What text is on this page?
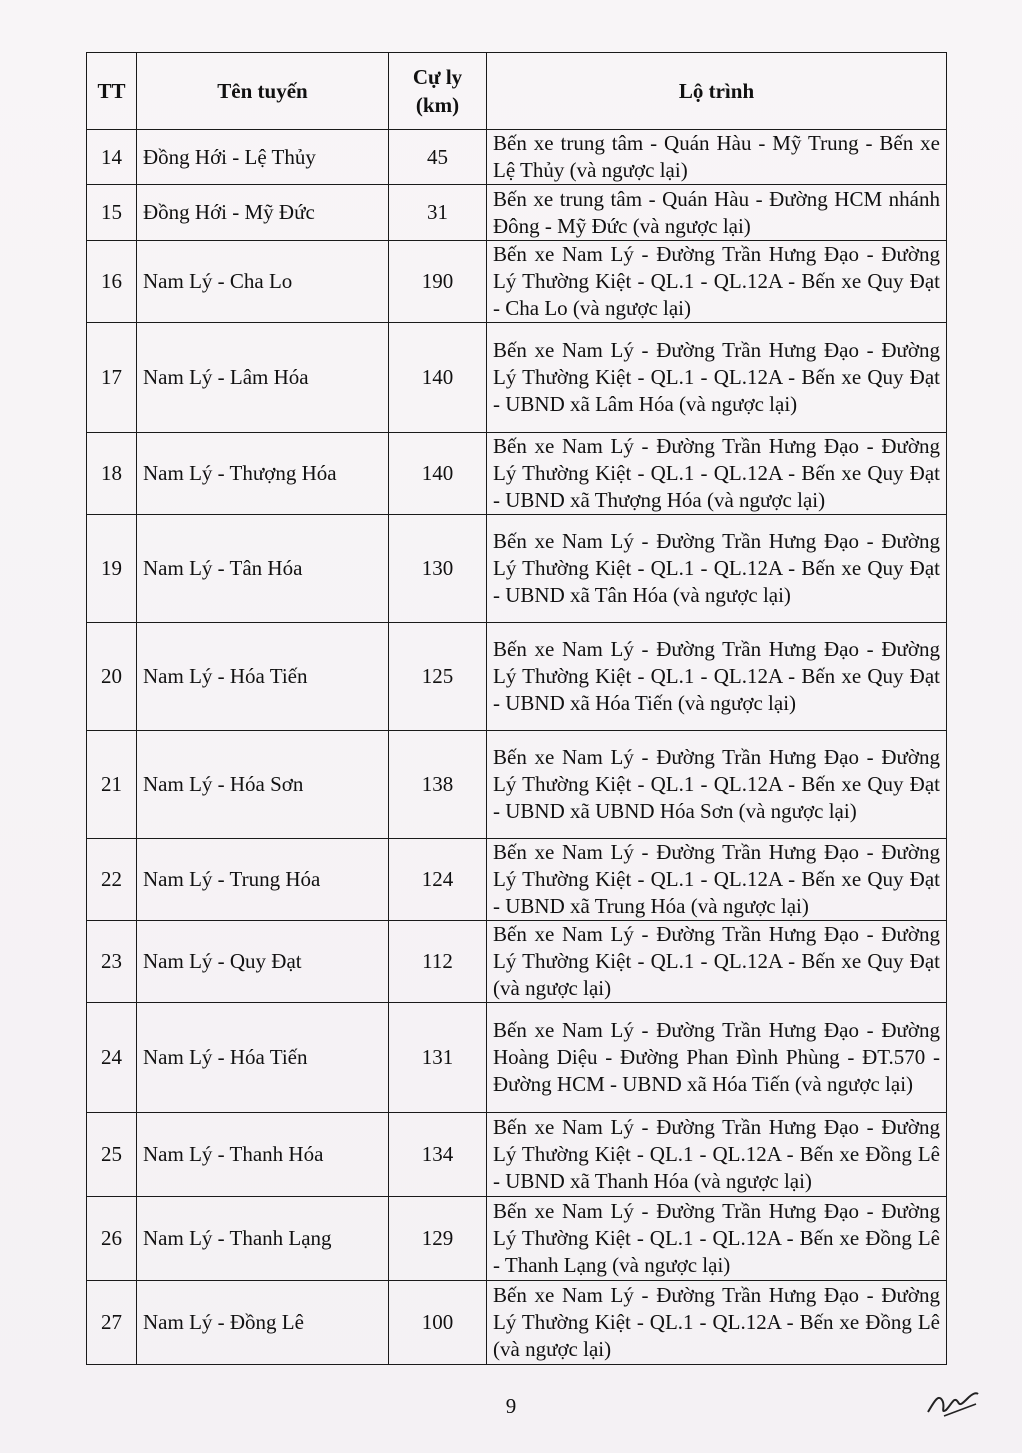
TT	Tên tuyến	Cự ly (km)	Lộ trình
14	Đồng Hới - Lệ Thủy	45	Bến xe trung tâm - Quán Hàu - Mỹ Trung - Bến xe Lệ Thủy (và ngược lại)
15	Đồng Hới - Mỹ Đức	31	Bến xe trung tâm - Quán Hàu - Đường HCM nhánh Đông - Mỹ Đức (và ngược lại)
16	Nam Lý - Cha Lo	190	Bến xe Nam Lý - Đường Trần Hưng Đạo - Đường Lý Thường Kiệt - QL.1 - QL.12A - Bến xe Quy Đạt - Cha Lo (và ngược lại)
17	Nam Lý - Lâm Hóa	140	Bến xe Nam Lý - Đường Trần Hưng Đạo - Đường Lý Thường Kiệt - QL.1 - QL.12A - Bến xe Quy Đạt - UBND xã Lâm Hóa (và ngược lại)
18	Nam Lý - Thượng Hóa	140	Bến xe Nam Lý - Đường Trần Hưng Đạo - Đường Lý Thường Kiệt - QL.1 - QL.12A - Bến xe Quy Đạt - UBND xã Thượng Hóa (và ngược lại)
19	Nam Lý - Tân Hóa	130	Bến xe Nam Lý - Đường Trần Hưng Đạo - Đường Lý Thường Kiệt - QL.1 - QL.12A - Bến xe Quy Đạt - UBND xã Tân Hóa (và ngược lại)
20	Nam Lý - Hóa Tiến	125	Bến xe Nam Lý - Đường Trần Hưng Đạo - Đường Lý Thường Kiệt - QL.1 - QL.12A - Bến xe Quy Đạt - UBND xã Hóa Tiến (và ngược lại)
21	Nam Lý - Hóa Sơn	138	Bến xe Nam Lý - Đường Trần Hưng Đạo - Đường Lý Thường Kiệt - QL.1 - QL.12A - Bến xe Quy Đạt - UBND xã UBND Hóa Sơn (và ngược lại)
22	Nam Lý - Trung Hóa	124	Bến xe Nam Lý - Đường Trần Hưng Đạo - Đường Lý Thường Kiệt - QL.1 - QL.12A - Bến xe Quy Đạt - UBND xã Trung Hóa (và ngược lại)
23	Nam Lý - Quy Đạt	112	Bến xe Nam Lý - Đường Trần Hưng Đạo - Đường Lý Thường Kiệt - QL.1 - QL.12A - Bến xe Quy Đạt (và ngược lại)
24	Nam Lý - Hóa Tiến	131	Bến xe Nam Lý - Đường Trần Hưng Đạo - Đường Hoàng Diệu - Đường Phan Đình Phùng - ĐT.570 - Đường HCM - UBND xã Hóa Tiến (và ngược lại)
25	Nam Lý - Thanh Hóa	134	Bến xe Nam Lý - Đường Trần Hưng Đạo - Đường Lý Thường Kiệt - QL.1 - QL.12A - Bến xe Đồng Lê - UBND xã Thanh Hóa (và ngược lại)
26	Nam Lý - Thanh Lạng	129	Bến xe Nam Lý - Đường Trần Hưng Đạo - Đường Lý Thường Kiệt - QL.1 - QL.12A - Bến xe Đồng Lê - Thanh Lạng (và ngược lại)
27	Nam Lý - Đồng Lê	100	Bến xe Nam Lý - Đường Trần Hưng Đạo - Đường Lý Thường Kiệt - QL.1 - QL.12A - Bến xe Đồng Lê (và ngược lại)
9
